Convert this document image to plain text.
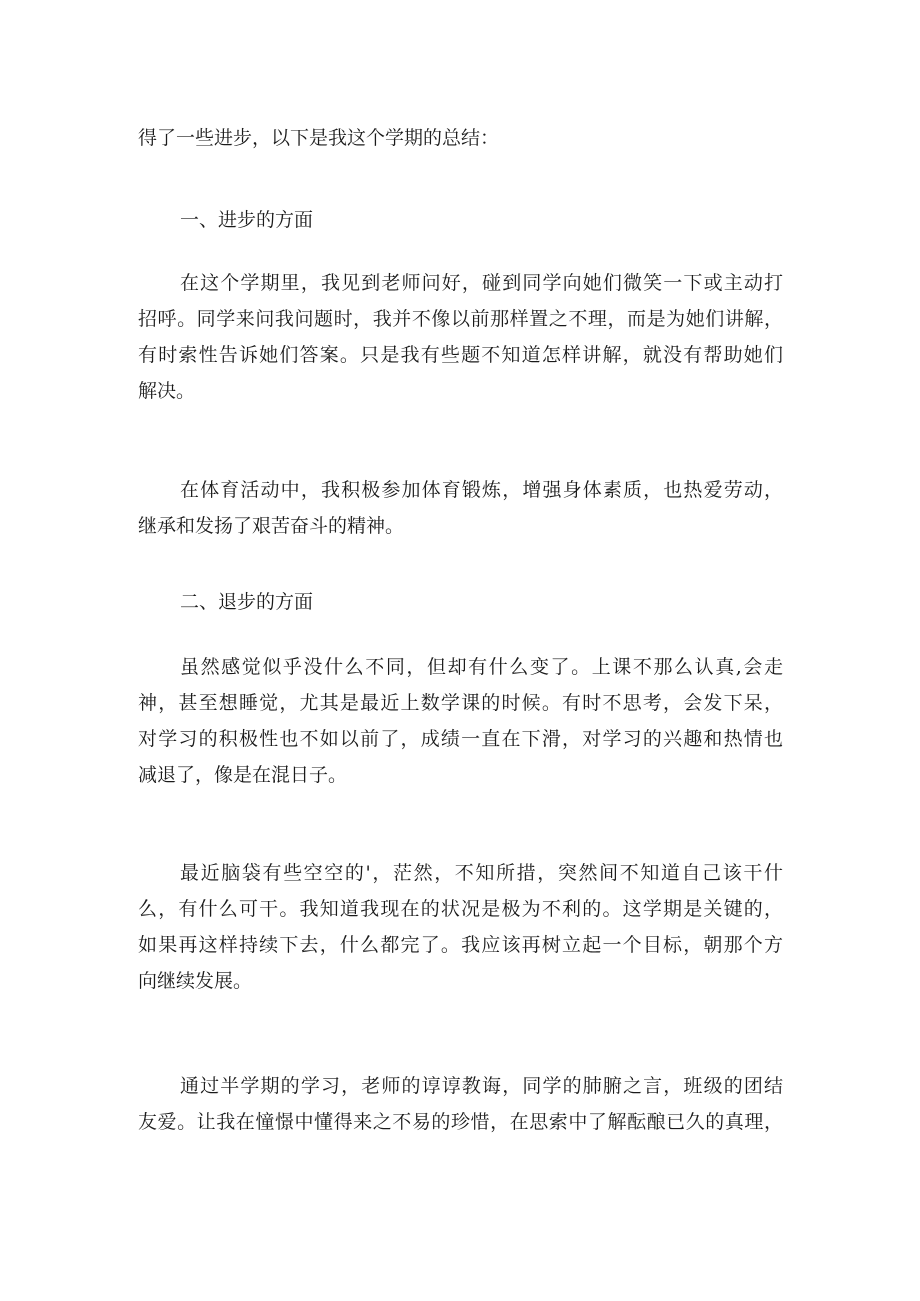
得了一些进步，以下是我这个学期的总结：
一、进步的方面
在这个学期里，我见到老师问好，碰到同学向她们微笑一下或主动打
招呼。同学来问我问题时，我并不像以前那样置之不理，而是为她们讲解，
有时索性告诉她们答案。只是我有些题不知道怎样讲解，就没有帮助她们
解决。
在体育活动中，我积极参加体育锻炼，增强身体素质，也热爱劳动，
继承和发扬了艰苦奋斗的精神。
二、退步的方面
虽然感觉似乎没什么不同，但却有什么变了。上课不那么认真,会走
神，甚至想睡觉，尤其是最近上数学课的时候。有时不思考，会发下呆，
对学习的积极性也不如以前了，成绩一直在下滑，对学习的兴趣和热情也
减退了，像是在混日子。
最近脑袋有些空空的'，茫然，不知所措，突然间不知道自己该干什
么，有什么可干。我知道我现在的状况是极为不利的。这学期是关键的，
如果再这样持续下去，什么都完了。我应该再树立起一个目标，朝那个方
向继续发展。
通过半学期的学习，老师的谆谆教诲，同学的肺腑之言，班级的团结
友爱。让我在憧憬中懂得来之不易的珍惜，在思索中了解酝酿已久的真理，
